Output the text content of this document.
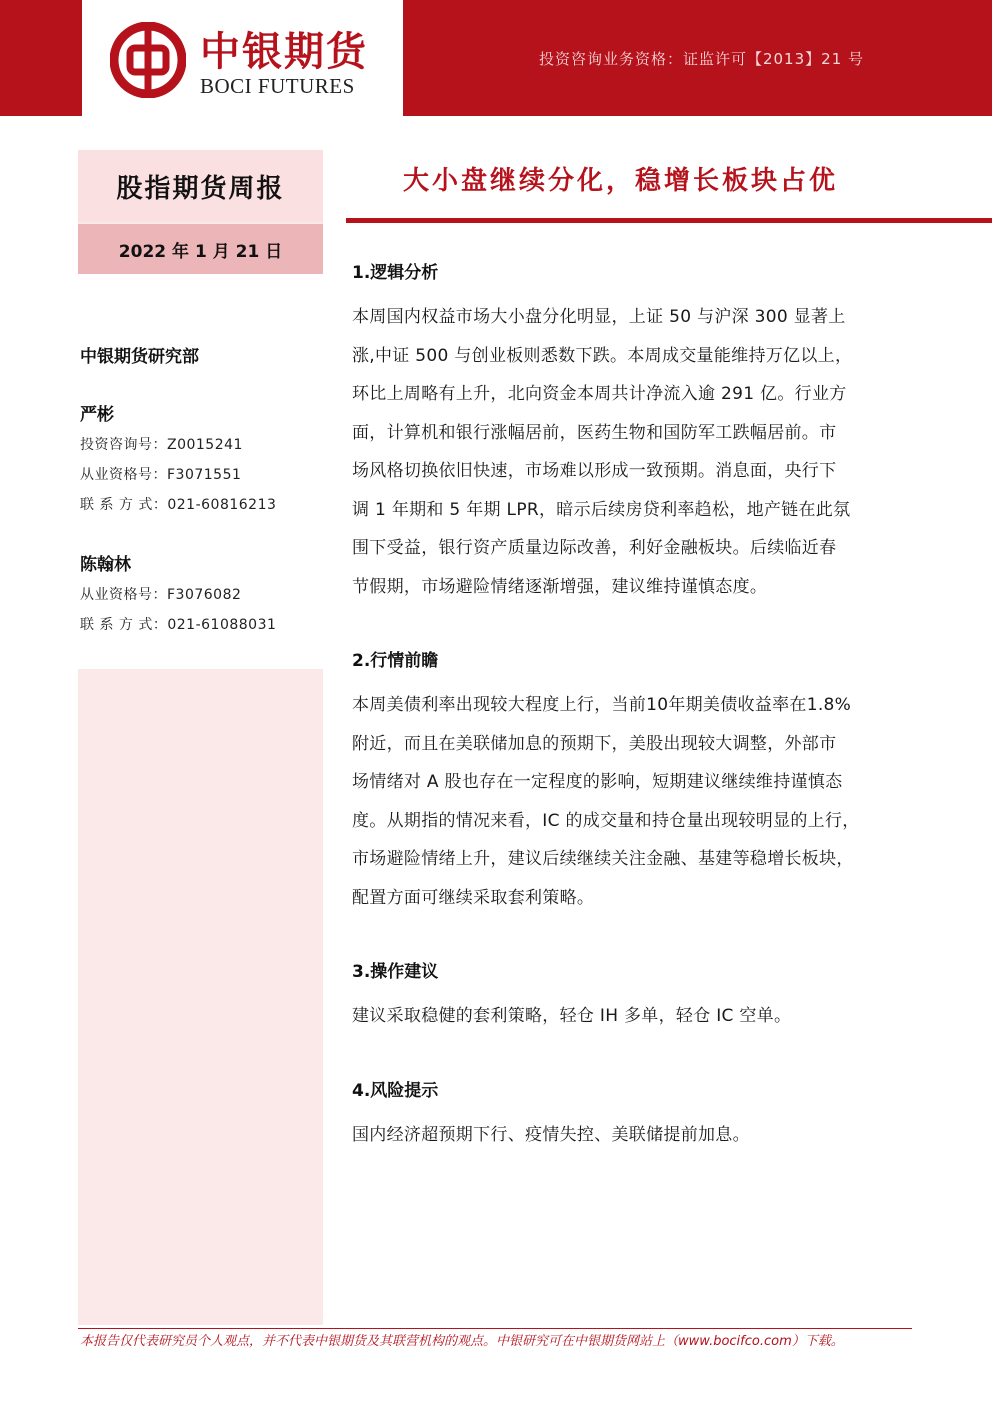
中银期货
BOCI FUTURES
投资咨询业务资格：证监许可【2013】21 号
股指期货周报
2022 年 1 月 21 日
中银期货研究部
严彬
投资咨询号：Z0015241
从业资格号：F3071551
联 系 方 式：021-60816213
陈翰林
从业资格号：F3076082
联 系 方 式：021-61088031
大小盘继续分化，稳增长板块占优
1.逻辑分析
本周国内权益市场大小盘分化明显，上证 50 与沪深 300 显著上
涨,中证 500 与创业板则悉数下跌。本周成交量能维持万亿以上，
环比上周略有上升，北向资金本周共计净流入逾 291 亿。行业方
面，计算机和银行涨幅居前，医药生物和国防军工跌幅居前。市
场风格切换依旧快速，市场难以形成一致预期。消息面，央行下
调 1 年期和 5 年期 LPR，暗示后续房贷利率趋松，地产链在此氛
围下受益，银行资产质量边际改善，利好金融板块。后续临近春
节假期，市场避险情绪逐渐增强，建议维持谨慎态度。
2.行情前瞻
本周美债利率出现较大程度上行，当前10年期美债收益率在1.8%
附近，而且在美联储加息的预期下，美股出现较大调整，外部市
场情绪对 A 股也存在一定程度的影响，短期建议继续维持谨慎态
度。从期指的情况来看，IC 的成交量和持仓量出现较明显的上行，
市场避险情绪上升，建议后续继续关注金融、基建等稳增长板块，
配置方面可继续采取套利策略。
3.操作建议
建议采取稳健的套利策略，轻仓 IH 多单，轻仓 IC 空单。
4.风险提示
国内经济超预期下行、疫情失控、美联储提前加息。
本报告仅代表研究员个人观点，并不代表中银期货及其联营机构的观点。中银研究可在中银期货网站上（www.bocifco.com）下载。
